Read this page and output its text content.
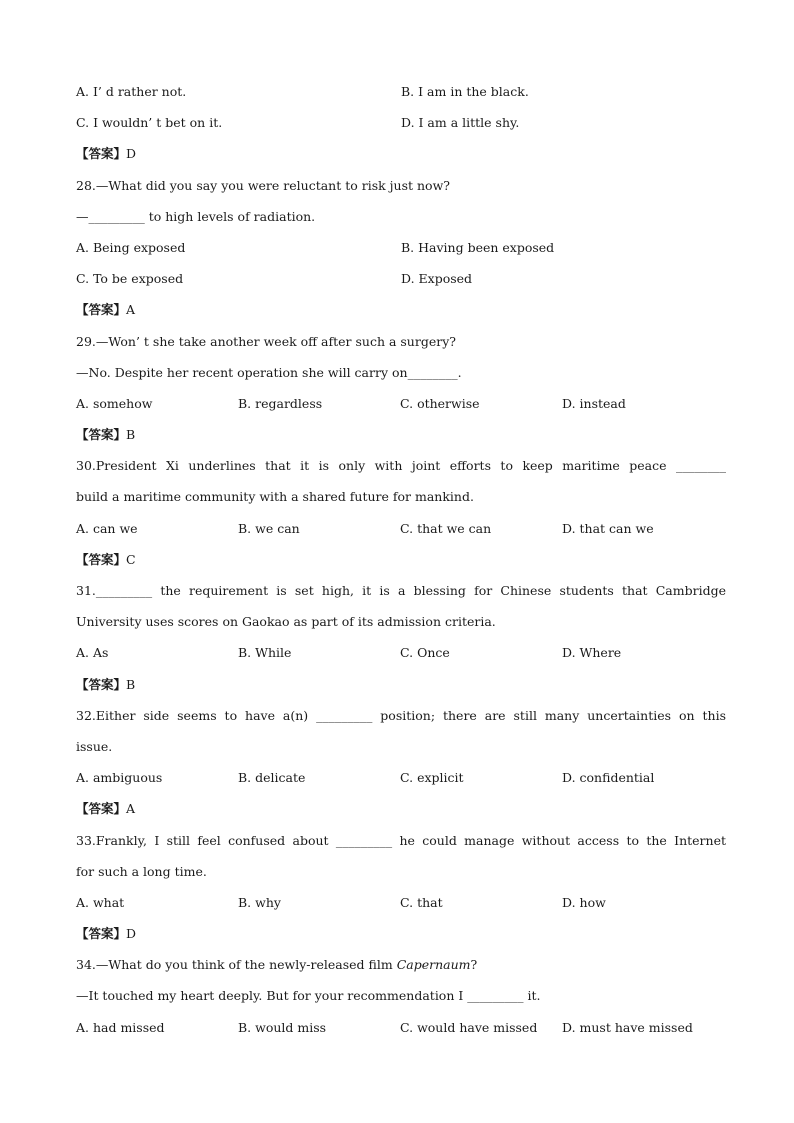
A. I’ d rather not.	B. I am in the black.
C. I wouldn’ t bet on it.	D. I am a little shy.
【答案】D
28.—What did you say you were reluctant to risk just now?
—_________ to high levels of radiation.
A. Being exposed	B. Having been exposed
C. To be exposed	D. Exposed
【答案】A
29.—Won’ t she take another week off after such a surgery?
—No. Despite her recent operation she will carry on________.
A. somehow	B. regardless	C. otherwise	D. instead
【答案】B
30.President Xi underlines that it is only with joint efforts to keep maritime peace ________
build a maritime community with a shared future for mankind.
A. can we	B. we can	C. that we can	D. that can we
【答案】C
31._________ the requirement is set high, it is a blessing for Chinese students that Cambridge
University uses scores on Gaokao as part of its admission criteria.
A. As	B. While	C. Once	D. Where
【答案】B
32.Either side seems to have a(n) _________ position; there are still many uncertainties on this
issue.
A. ambiguous	B. delicate	C. explicit	D. confidential
【答案】A
33.Frankly, I still feel confused about _________ he could manage without access to the Internet
for such a long time.
A. what	B. why	C. that	D. how
【答案】D
34.—What do you think of the newly-released film Capernaum?
—It touched my heart deeply. But for your recommendation I _________ it.
A. had missed	B. would miss	C. would have missed	D. must have missed
